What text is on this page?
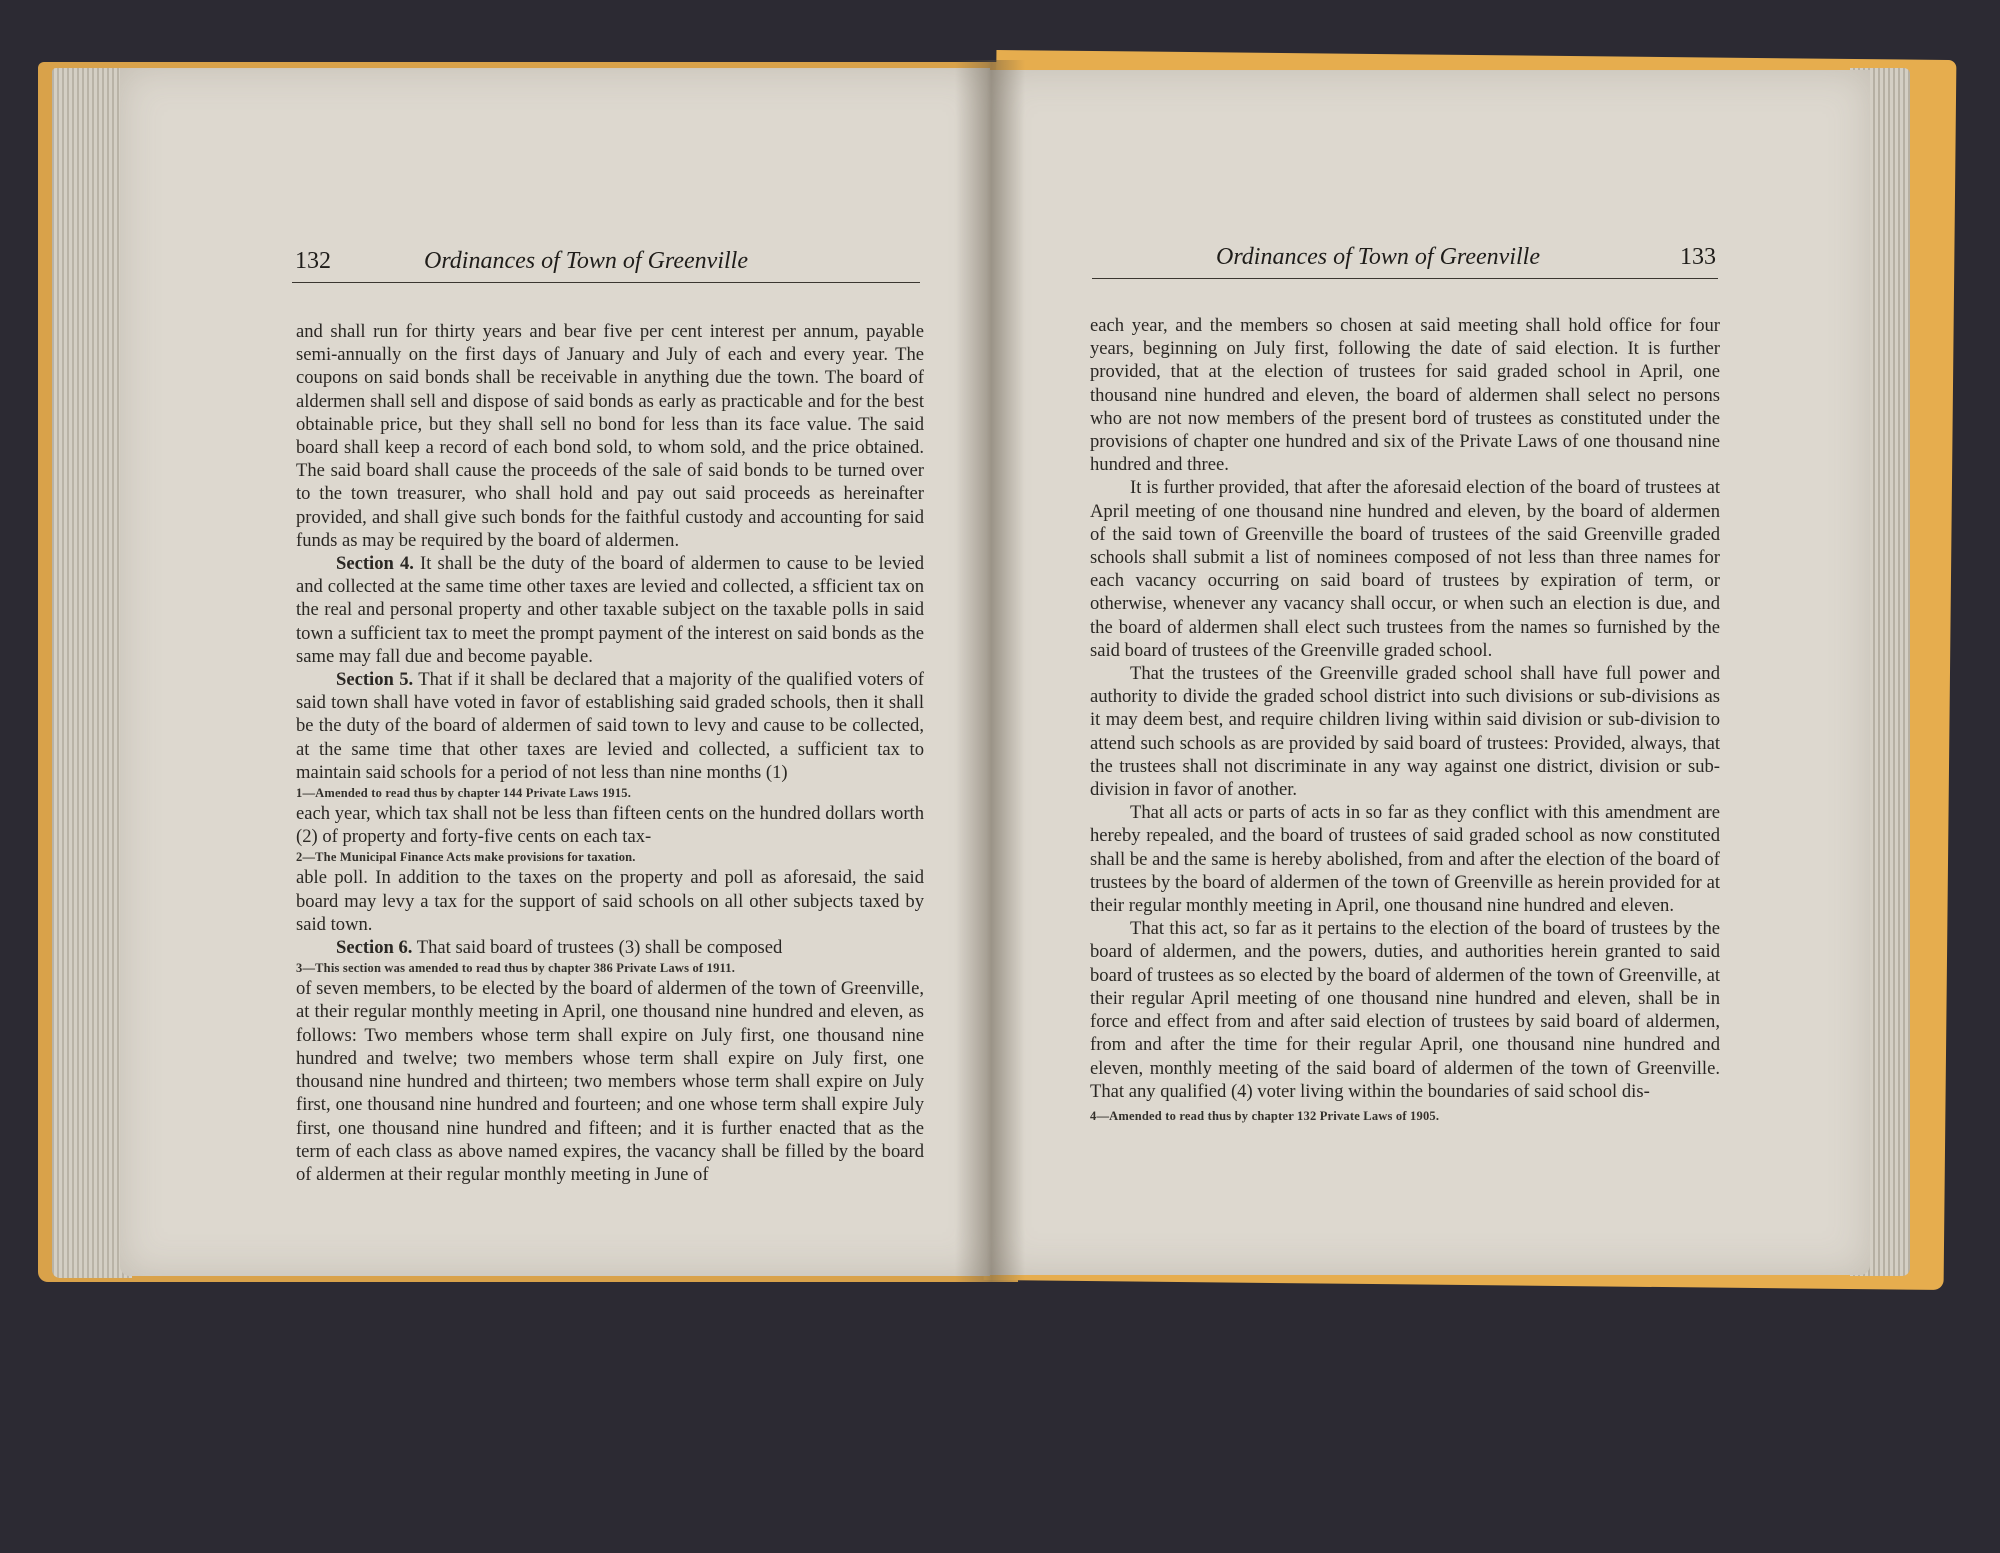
132	Ordinances of Town of Greenville

and shall run for thirty years and bear five per cent interest per annum, payable semi-annually on the first days of January and July of each and every year. The coupons on said bonds shall be receivable in anything due the town. The board of aldermen shall sell and dispose of said bonds as early as practicable and for the best obtainable price, but they shall sell no bond for less than its face value. The said board shall keep a record of each bond sold, to whom sold, and the price obtained. The said board shall cause the proceeds of the sale of said bonds to be turned over to the town treasurer, who shall hold and pay out said proceeds as hereinafter provided, and shall give such bonds for the faithful custody and accounting for said funds as may be required by the board of aldermen.

Section 4. It shall be the duty of the board of aldermen to cause to be levied and collected at the same time other taxes are levied and collected, a sfficient tax on the real and personal property and other taxable subject on the taxable polls in said town a sufficient tax to meet the prompt payment of the interest on said bonds as the same may fall due and become payable.

Section 5. That if it shall be declared that a majority of the qualified voters of said town shall have voted in favor of establishing said graded schools, then it shall be the duty of the board of aldermen of said town to levy and cause to be collected, at the same time that other taxes are levied and collected, a sufficient tax to maintain said schools for a period of not less than nine months (1)

1—Amended to read thus by chapter 144 Private Laws 1915.

each year, which tax shall not be less than fifteen cents on the hundred dollars worth (2) of property and forty-five cents on each tax-

2—The Municipal Finance Acts make provisions for taxation.

able poll. In addition to the taxes on the property and poll as aforesaid, the said board may levy a tax for the support of said schools on all other subjects taxed by said town.

Section 6. That said board of trustees (3) shall be composed

3—This section was amended to read thus by chapter 386 Private Laws of 1911.

of seven members, to be elected by the board of aldermen of the town of Greenville, at their regular monthly meeting in April, one thousand nine hundred and eleven, as follows: Two members whose term shall expire on July first, one thousand nine hundred and twelve; two members whose term shall expire on July first, one thousand nine hundred and thirteen; two members whose term shall expire on July first, one thousand nine hundred and fourteen; and one whose term shall expire July first, one thousand nine hundred and fifteen; and it is further enacted that as the term of each class as above named expires, the vacancy shall be filled by the board of aldermen at their regular monthly meeting in June of

Ordinances of Town of Greenville	133

each year, and the members so chosen at said meeting shall hold office for four years, beginning on July first, following the date of said election. It is further provided, that at the election of trustees for said graded school in April, one thousand nine hundred and eleven, the board of aldermen shall select no persons who are not now members of the present bord of trustees as constituted under the provisions of chapter one hundred and six of the Private Laws of one thousand nine hundred and three.

It is further provided, that after the aforesaid election of the board of trustees at April meeting of one thousand nine hundred and eleven, by the board of aldermen of the said town of Greenville the board of trustees of the said Greenville graded schools shall submit a list of nominees composed of not less than three names for each vacancy occurring on said board of trustees by expiration of term, or otherwise, whenever any vacancy shall occur, or when such an election is due, and the board of aldermen shall elect such trustees from the names so furnished by the said board of trustees of the Greenville graded school.

That the trustees of the Greenville graded school shall have full power and authority to divide the graded school district into such divisions or sub-divisions as it may deem best, and require children living within said division or sub-division to attend such schools as are provided by said board of trustees: Provided, always, that the trustees shall not discriminate in any way against one district, division or sub-division in favor of another.

That all acts or parts of acts in so far as they conflict with this amendment are hereby repealed, and the board of trustees of said graded school as now constituted shall be and the same is hereby abolished, from and after the election of the board of trustees by the board of aldermen of the town of Greenville as herein provided for at their regular monthly meeting in April, one thousand nine hundred and eleven.

That this act, so far as it pertains to the election of the board of trustees by the board of aldermen, and the powers, duties, and authorities herein granted to said board of trustees as so elected by the board of aldermen of the town of Greenville, at their regular April meeting of one thousand nine hundred and eleven, shall be in force and effect from and after said election of trustees by said board of aldermen, from and after the time for their regular April, one thousand nine hundred and eleven, monthly meeting of the said board of aldermen of the town of Greenville. That any qualified (4) voter living within the boundaries of said school dis-

4—Amended to read thus by chapter 132 Private Laws of 1905.
